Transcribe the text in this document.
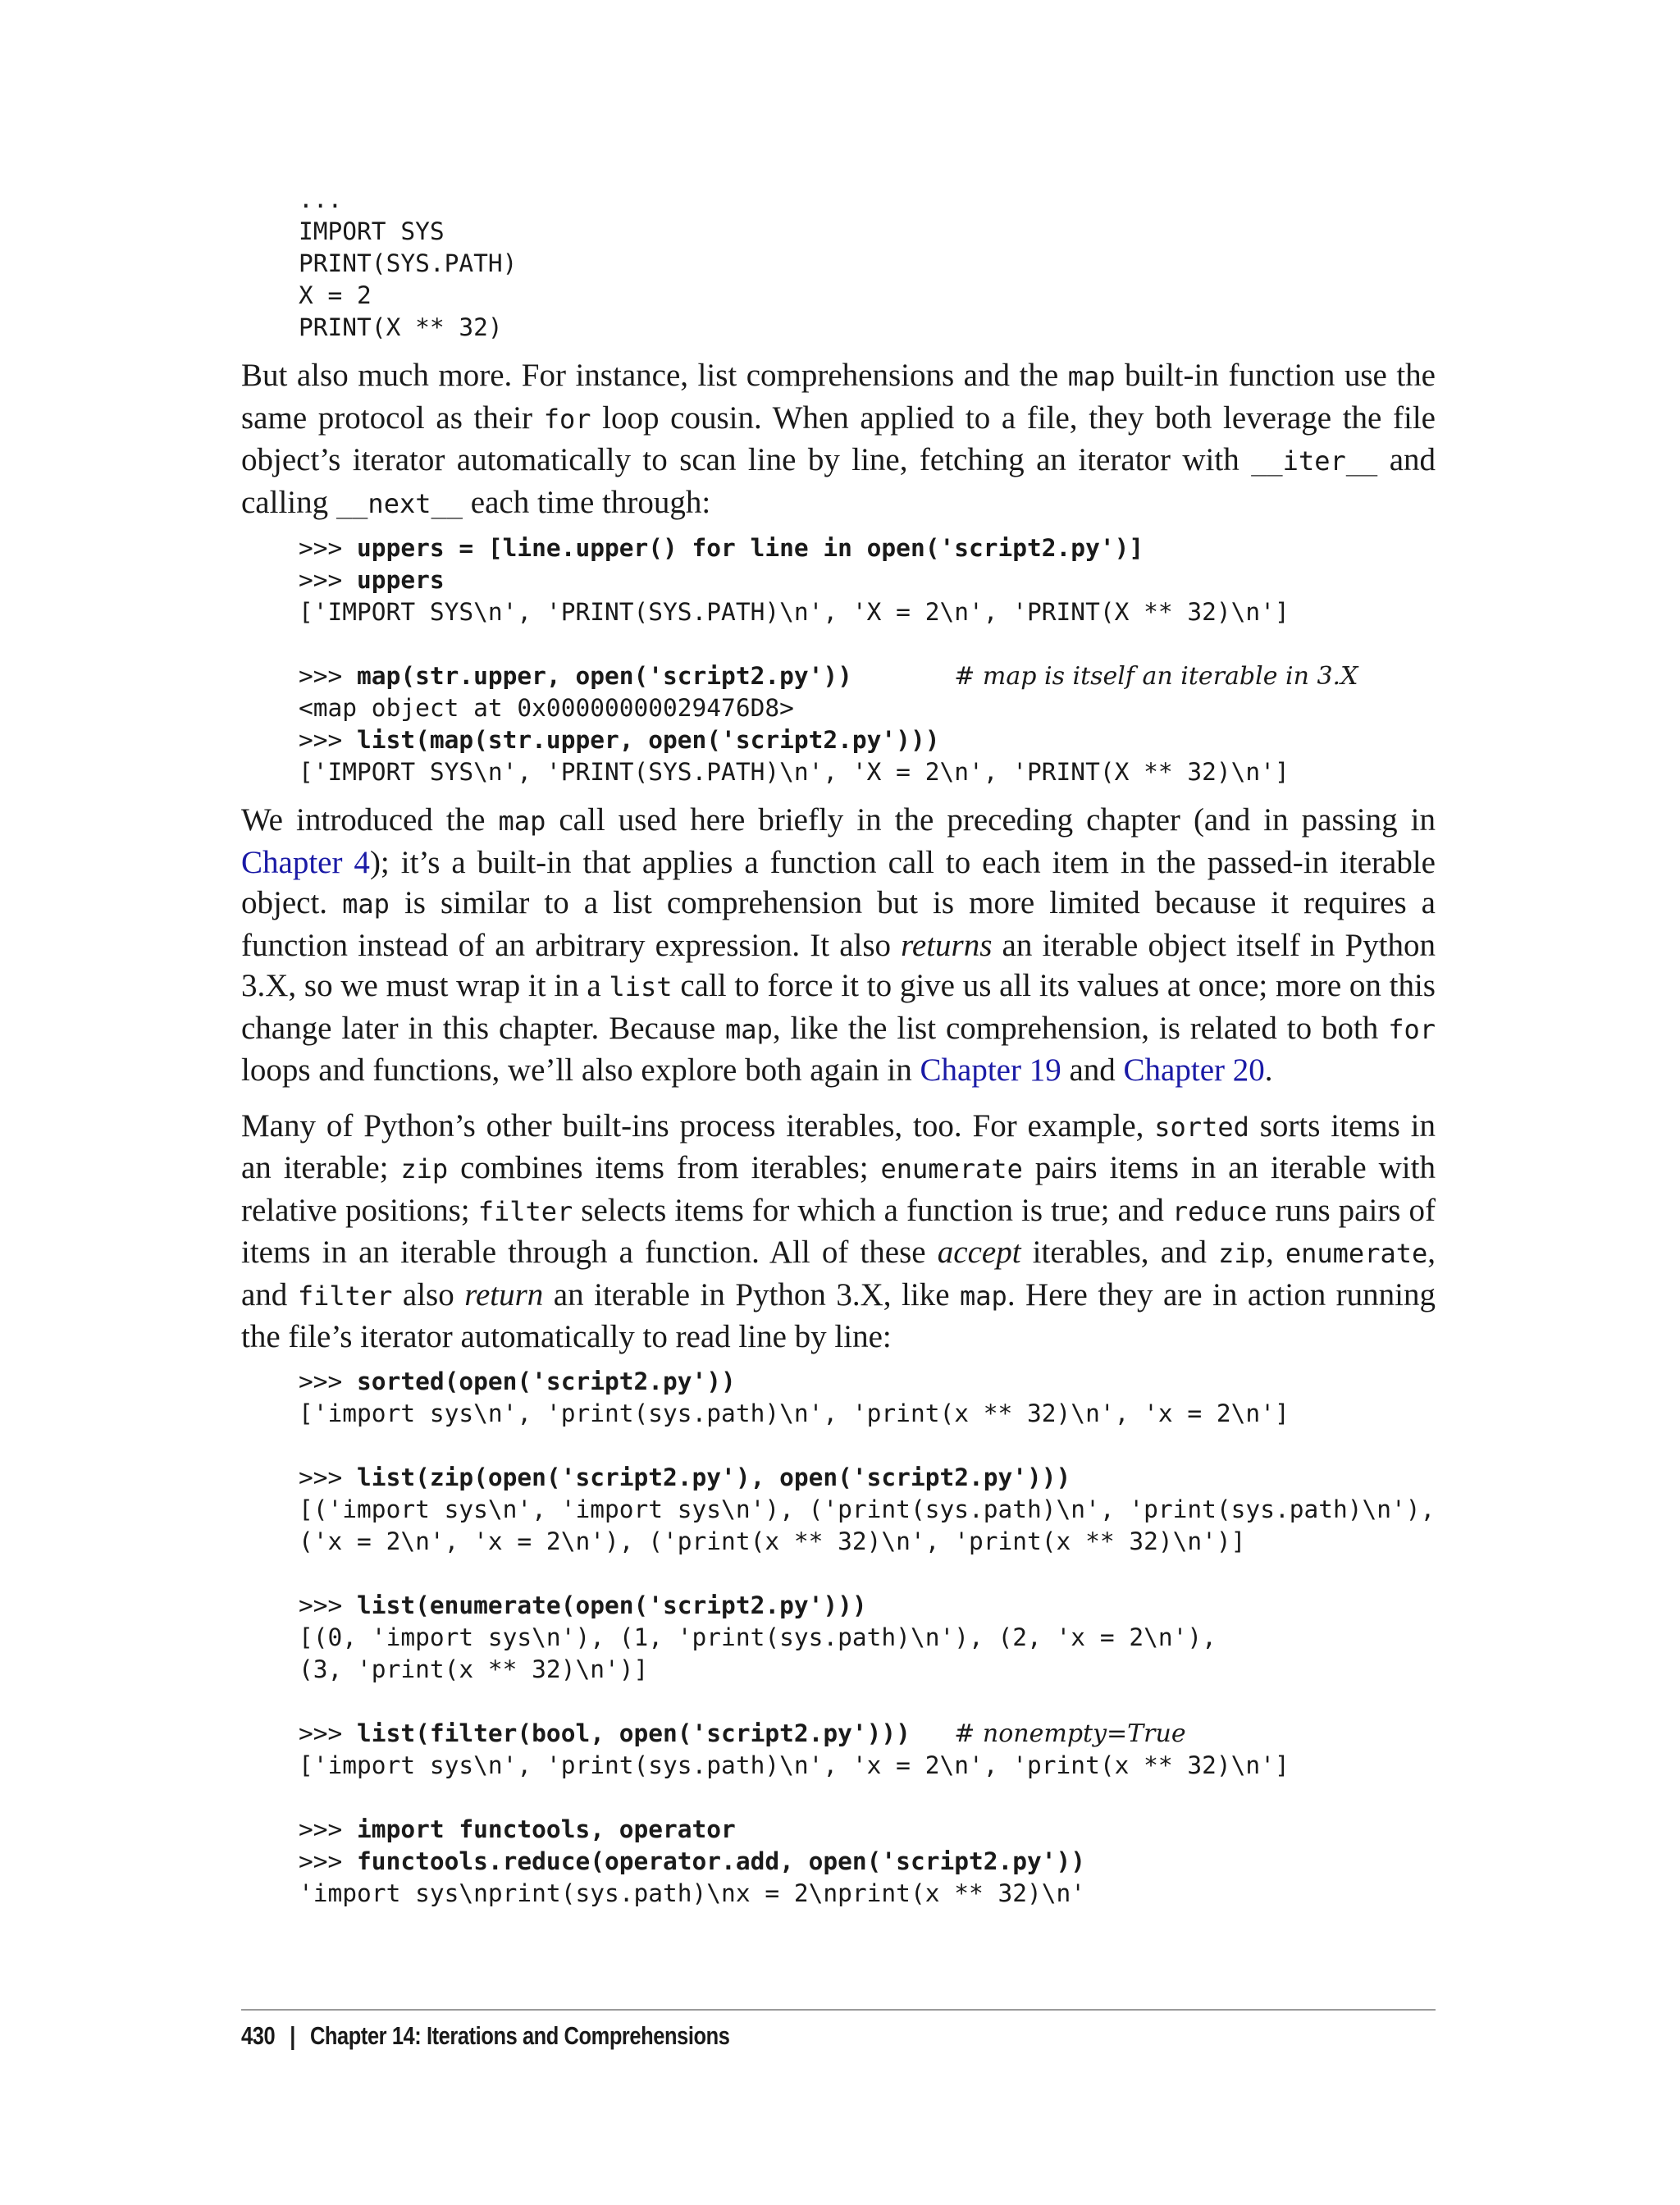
...
IMPORT SYS
PRINT(SYS.PATH)
X = 2
PRINT(X ** 32)

But also much more. For instance, list comprehensions and the map built-in function use the same protocol as their for loop cousin. When applied to a file, they both leverage the file object’s iterator automatically to scan line by line, fetching an iterator with __iter__ and calling __next__ each time through:

>>> uppers = [line.upper() for line in open('script2.py')]
>>> uppers
['IMPORT SYS\n', 'PRINT(SYS.PATH)\n', 'X = 2\n', 'PRINT(X ** 32)\n']

>>> map(str.upper, open('script2.py'))	# map is itself an iterable in 3.X
<map object at 0x00000000029476D8>
>>> list(map(str.upper, open('script2.py')))
['IMPORT SYS\n', 'PRINT(SYS.PATH)\n', 'X = 2\n', 'PRINT(X ** 32)\n']

We introduced the map call used here briefly in the preceding chapter (and in passing in Chapter 4); it’s a built-in that applies a function call to each item in the passed-in iterable object. map is similar to a list comprehension but is more limited because it requires a function instead of an arbitrary expression. It also returns an iterable object itself in Python 3.X, so we must wrap it in a list call to force it to give us all its values at once; more on this change later in this chapter. Because map, like the list comprehension, is related to both for loops and functions, we’ll also explore both again in Chapter 19 and Chapter 20.

Many of Python’s other built-ins process iterables, too. For example, sorted sorts items in an iterable; zip combines items from iterables; enumerate pairs items in an iterable with relative positions; filter selects items for which a function is true; and reduce runs pairs of items in an iterable through a function. All of these accept iterables, and zip, enumerate, and filter also return an iterable in Python 3.X, like map. Here they are in action running the file’s iterator automatically to read line by line:

>>> sorted(open('script2.py'))
['import sys\n', 'print(sys.path)\n', 'print(x ** 32)\n', 'x = 2\n']

>>> list(zip(open('script2.py'), open('script2.py')))
[('import sys\n', 'import sys\n'), ('print(sys.path)\n', 'print(sys.path)\n'),
('x = 2\n', 'x = 2\n'), ('print(x ** 32)\n', 'print(x ** 32)\n')]

>>> list(enumerate(open('script2.py')))
[(0, 'import sys\n'), (1, 'print(sys.path)\n'), (2, 'x = 2\n'),
(3, 'print(x ** 32)\n')]

>>> list(filter(bool, open('script2.py'))) # nonempty=True
['import sys\n', 'print(sys.path)\n', 'x = 2\n', 'print(x ** 32)\n']

>>> import functools, operator
>>> functools.reduce(operator.add, open('script2.py'))
'import sys\nprint(sys.path)\nx = 2\nprint(x ** 32)\n'
430 | Chapter 14: Iterations and Comprehensions
